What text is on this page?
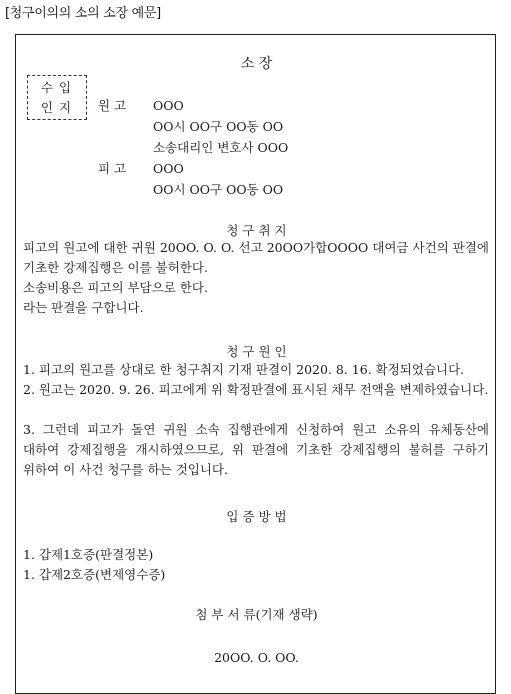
[청구이의의 소의 소장 예문]
소 장
수입
인지	원 고 OOO
OO시 OO구 OO동 OO
소송대리인 변호사 OOO
피 고 OOO
OO시 OO구 OO동 OO
청 구 취 지
피고의 원고에 대한 귀원 20OO. O. O. 선고 20OO가합OOOO 대여금 사건의 판결에 기초한 강제집행은 이를 불허한다.
소송비용은 피고의 부담으로 한다.
라는 판결을 구합니다.
청 구 원 인
1. 피고의 원고를 상대로 한 청구취지 기재 판결이 2020. 8. 16. 확정되었습니다.
2. 원고는 2020. 9. 26. 피고에게 위 확정판결에 표시된 채무 전액을 변제하였습니다.
3. 그런데 피고가 돌연 귀원 소속 집행관에게 신청하여 원고 소유의 유체동산에 대하여 강제집행을 개시하였으므로, 위 판결에 기초한 강제집행의 불허를 구하기 위하여 이 사건 청구를 하는 것입니다.
입 증 방 법
1. 갑제1호증(판결정본)
1. 갑제2호증(변제영수증)
첨 부 서 류(기재 생략)
20OO. O. OO.
